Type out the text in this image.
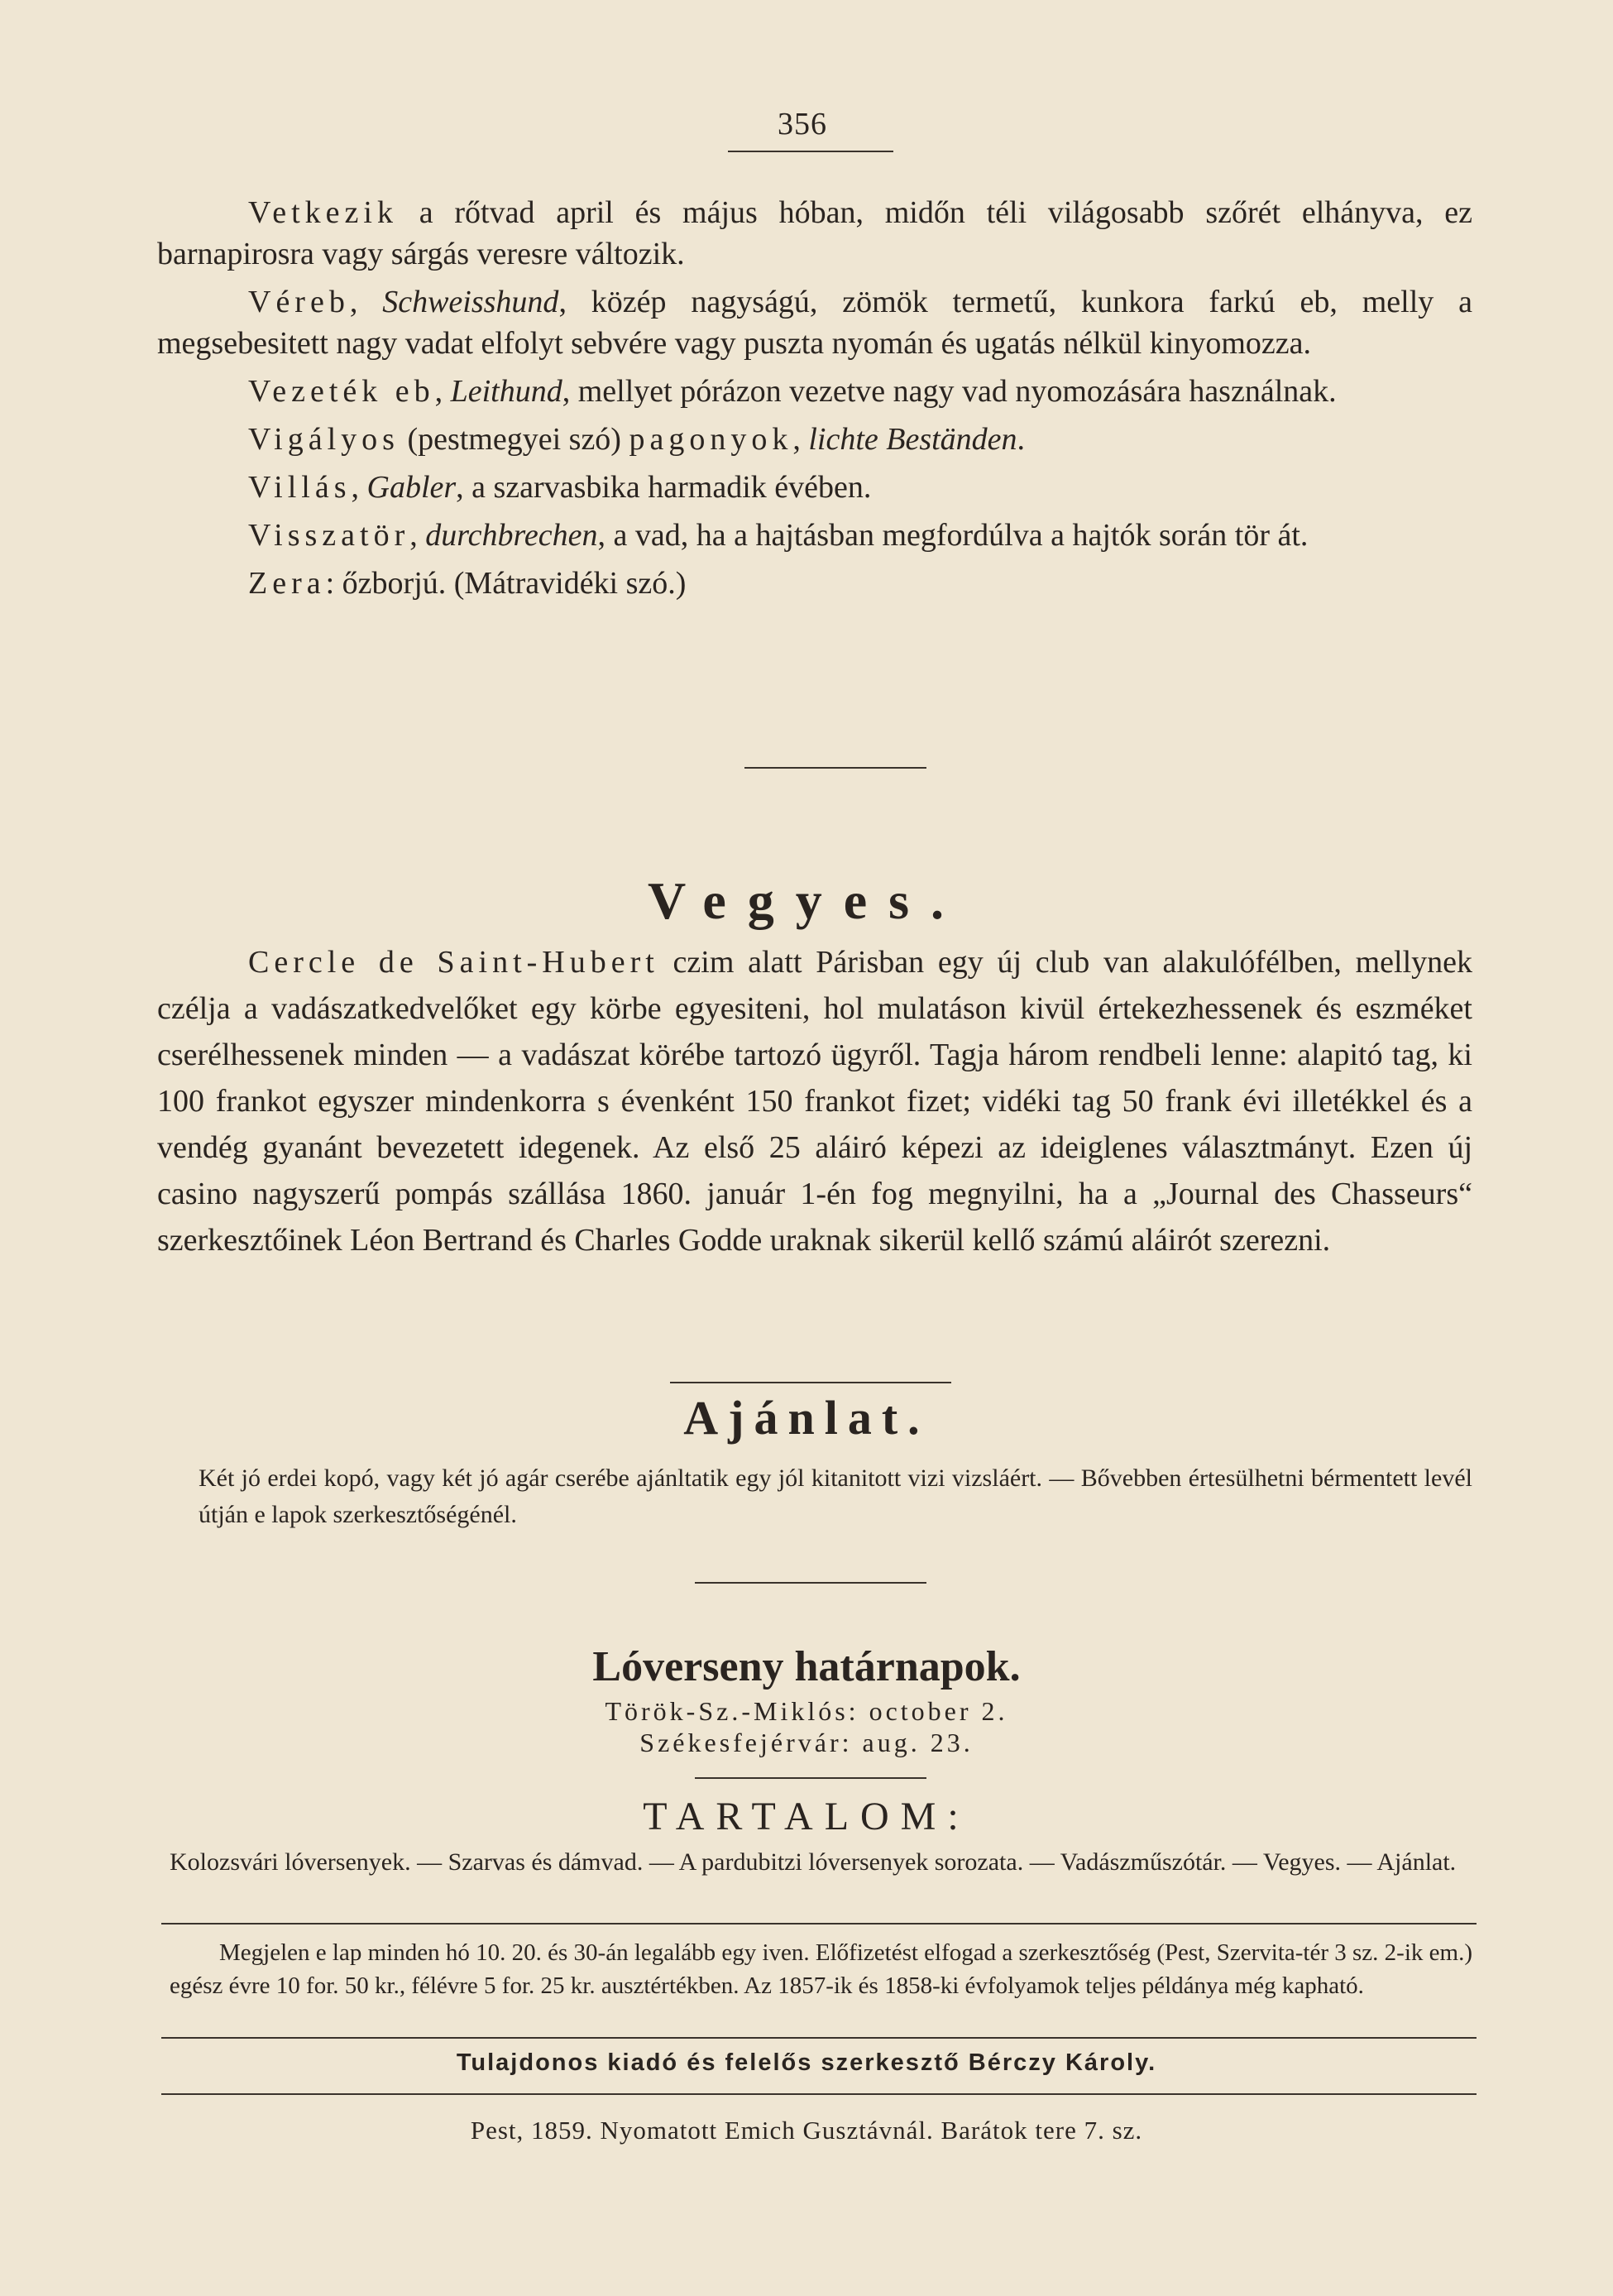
356

Vetkezik a rőtvad april és május hóban, midőn téli világosabb szőrét elhányva, ez barnapirosra vagy sárgás veresre változik.

Véreb, Schweisshund, közép nagyságú, zömök termetű, kunkora farkú eb, melly a megsebesitett nagy vadat elfolyt sebvére vagy puszta nyomán és ugatás nélkül kinyomozza.

Vezeték eb, Leithund, mellyet pórázon vezetve nagy vad nyomozására használnak.

Vigályos (pestmegyei szó) pagonyok, lichte Beständen.

Villás, Gabler, a szarvasbika harmadik évében.

Visszatör, durchbrechen, a vad, ha a hajtásban megfordúlva a hajtók során tör át.

Zera: őzborjú. (Mátravidéki szó.)

Vegyes.

Cercle de Saint-Hubert czim alatt Párisban egy új club van alakulófélben, mellynek czélja a vadászatkedvelőket egy körbe egyesiteni, hol mulatáson kivül értekezhessenek és eszméket cserélhessenek minden — a vadászat körébe tartozó ügyről. Tagja három rendbeli lenne: alapitó tag, ki 100 frankot egyszer mindenkorra s évenként 150 frankot fizet; vidéki tag 50 frank évi illetékkel és a vendég gyanánt bevezetett idegenek. Az első 25 aláiró képezi az ideiglenes választmányt. Ezen új casino nagyszerű pompás szállása 1860. január 1-én fog megnyilni, ha a „Journal des Chasseurs“ szerkesztőinek Léon Bertrand és Charles Godde uraknak sikerül kellő számú aláirót szerezni.

Ajánlat.

Két jó erdei kopó, vagy két jó agár cserébe ajánltatik egy jól kitanitott vizi vizsláért. — Bővebben értesülhetni bérmentett levél útján e lapok szerkesztőségénél.

Lóverseny határnapok.
Török-Sz.-Miklós: october 2.
Székesfejérvár: aug. 23.
TARTALOM:

Kolozsvári lóversenyek. — Szarvas és dámvad. — A pardubitzi lóversenyek sorozata. — Vadászműszótár. — Vegyes. — Ajánlat.

Megjelen e lap minden hó 10. 20. és 30-án legalább egy iven. Előfizetést elfogad a szerkesztőség (Pest, Szervita-tér 3 sz. 2-ik em.) egész évre 10 for. 50 kr., félévre 5 for. 25 kr. ausztértékben. Az 1857-ik és 1858-ki évfolyamok teljes példánya még kapható.

Tulajdonos kiadó és felelős szerkesztő Bérczy Károly.
Pest, 1859. Nyomatott Emich Gusztávnál. Barátok tere 7. sz.
